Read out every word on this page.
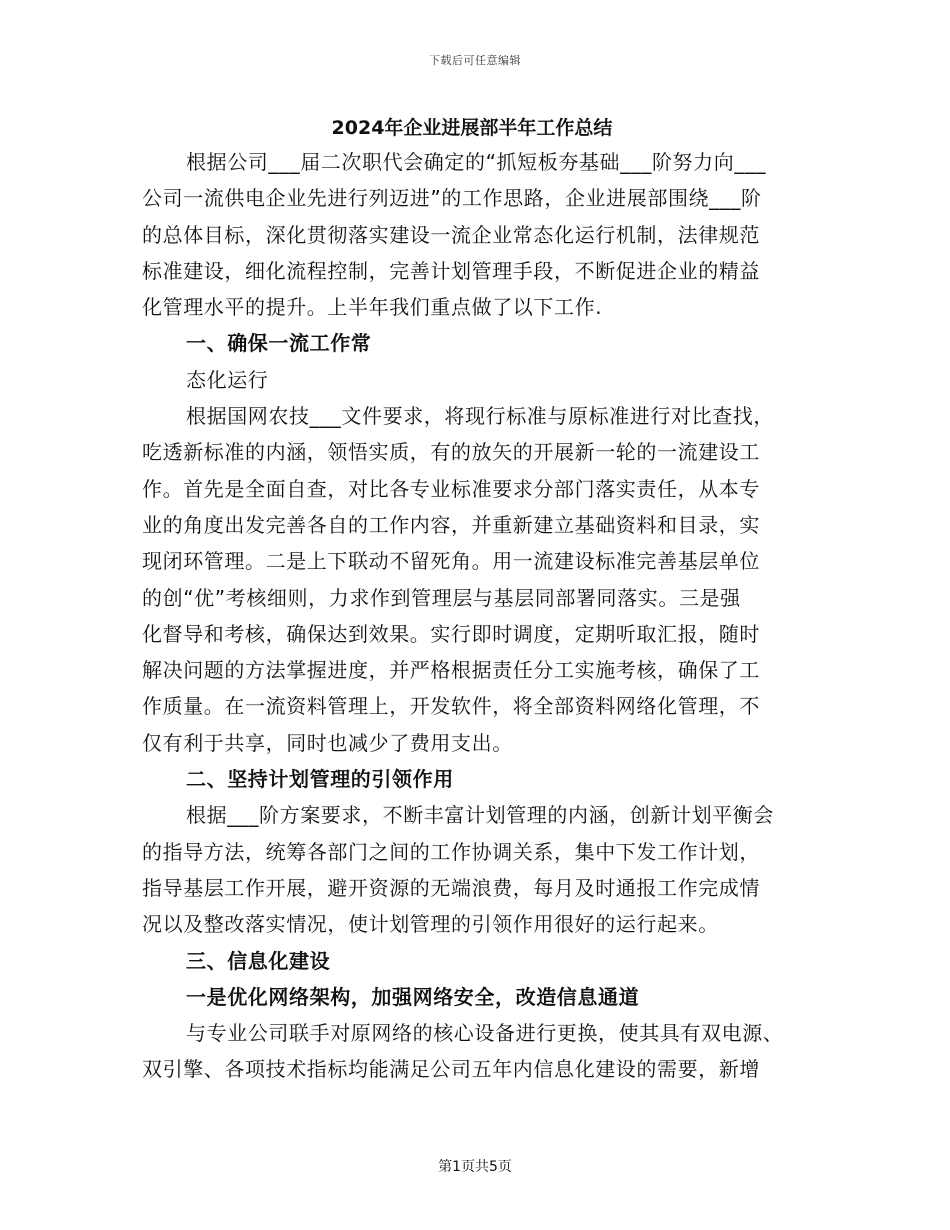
下载后可任意编辑
2024年企业进展部半年工作总结

根据公司___届二次职代会确定的“抓短板夯基础___阶努力向___

公司一流供电企业先进行列迈进”的工作思路，企业进展部围绕___阶

的总体目标，深化贯彻落实建设一流企业常态化运行机制，法律规范

标准建设，细化流程控制，完善计划管理手段，不断促进企业的精益

化管理水平的提升。上半年我们重点做了以下工作.

一、确保一流工作常

态化运行

根据国网农技___文件要求，将现行标准与原标准进行对比查找，

吃透新标准的内涵，领悟实质，有的放矢的开展新一轮的一流建设工

作。首先是全面自查，对比各专业标准要求分部门落实责任，从本专

业的角度出发完善各自的工作内容，并重新建立基础资料和目录，实

现闭环管理。二是上下联动不留死角。用一流建设标准完善基层单位

的创“优”考核细则，力求作到管理层与基层同部署同落实。三是强

化督导和考核，确保达到效果。实行即时调度，定期听取汇报，随时

解决问题的方法掌握进度，并严格根据责任分工实施考核，确保了工

作质量。在一流资料管理上，开发软件，将全部资料网络化管理，不

仅有利于共享，同时也减少了费用支出。

二、坚持计划管理的引领作用

根据___阶方案要求，不断丰富计划管理的内涵，创新计划平衡会

的指导方法，统筹各部门之间的工作协调关系，集中下发工作计划，

指导基层工作开展，避开资源的无端浪费，每月及时通报工作完成情

况以及整改落实情况，使计划管理的引领作用很好的运行起来。

三、信息化建设

一是优化网络架构，加强网络安全，改造信息通道

与专业公司联手对原网络的核心设备进行更换，使其具有双电源、

双引擎、各项技术指标均能满足公司五年内信息化建设的需要，新增

第1页共5页
